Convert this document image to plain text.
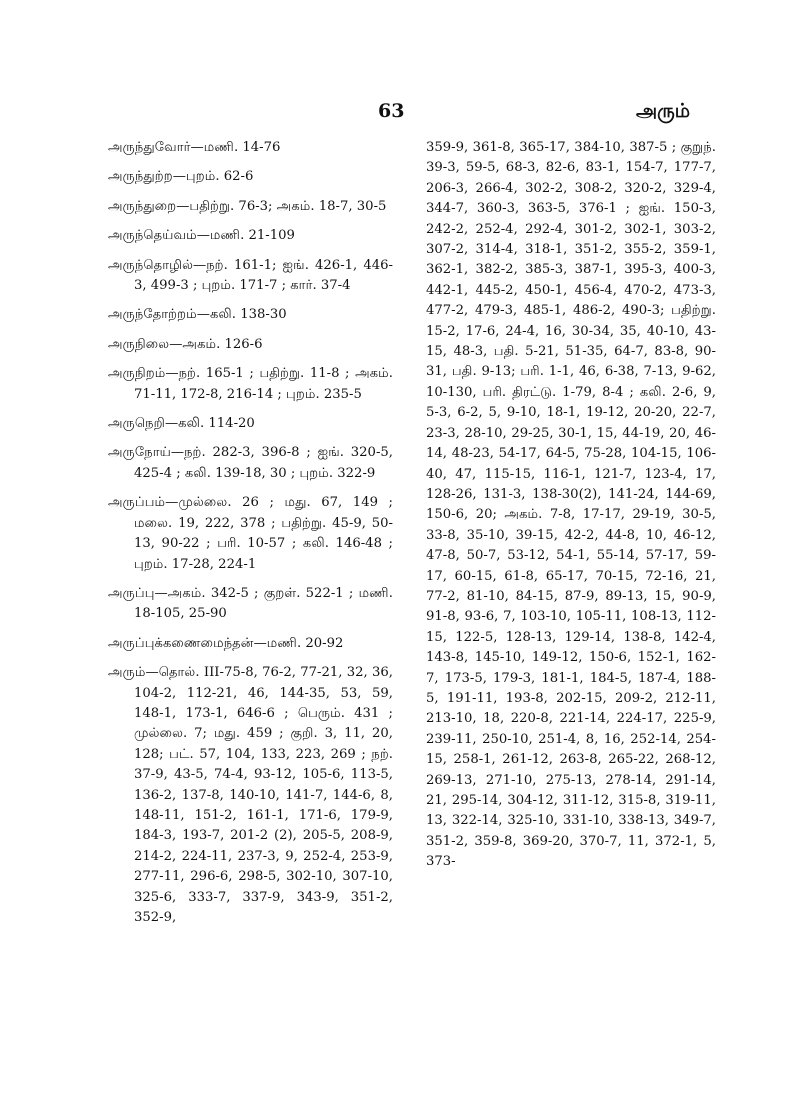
63	அரும்

அருந்துவோர்—மணி. 14-76

அருந்துற்ற—புறம். 62-6

அருந்துறை—பதிற்று. 76-3; அகம். 18-7, 30-5

அருந்தெய்வம்—மணி. 21-109

அருந்தொழில்—நற். 161-1; ஐங். 426-1, 446-3, 499-3 ; புறம். 171-7 ; கார். 37-4

அருந்தோற்றம்—கலி. 138-30

அருநிலை—அகம். 126-6

அருநிறம்—நற். 165-1 ; பதிற்று. 11-8 ; அகம். 71-11, 172-8, 216-14 ; புறம். 235-5

அருநெறி—கலி. 114-20

அருநோய்—நற். 282-3, 396-8 ; ஐங். 320-5, 425-4 ; கலி. 139-18, 30 ; புறம். 322-9

அருப்பம்—முல்லை. 26 ; மது. 67, 149 ; மலை. 19, 222, 378 ; பதிற்று. 45-9, 50-13, 90-22 ; பரி. 10-57 ; கலி. 146-48 ; புறம். 17-28, 224-1

அருப்பு—அகம். 342-5 ; குறள். 522-1 ; மணி. 18-105, 25-90

அருப்புக்கணைமைந்தன்—மணி. 20-92

அரும்—தொல். III-75-8, 76-2, 77-21, 32, 36, 104-2, 112-21, 46, 144-35, 53, 59, 148-1, 173-1, 646-6 ; பெரும். 431 ; முல்லை. 7; மது. 459 ; குறி. 3, 11, 20, 128; பட். 57, 104, 133, 223, 269 ; நற். 37-9, 43-5, 74-4, 93-12, 105-6, 113-5, 136-2, 137-8, 140-10, 141-7, 144-6, 8, 148-11, 151-2, 161-1, 171-6, 179-9, 184-3, 193-7, 201-2 (2), 205-5, 208-9, 214-2, 224-11, 237-3, 9, 252-4, 253-9, 277-11, 296-6, 298-5, 302-10, 307-10, 325-6, 333-7, 337-9, 343-9, 351-2, 352-9,

359-9, 361-8, 365-17, 384-10, 387-5 ; குறுந். 39-3, 59-5, 68-3, 82-6, 83-1, 154-7, 177-7, 206-3, 266-4, 302-2, 308-2, 320-2, 329-4, 344-7, 360-3, 363-5, 376-1 ; ஐங். 150-3, 242-2, 252-4, 292-4, 301-2, 302-1, 303-2, 307-2, 314-4, 318-1, 351-2, 355-2, 359-1, 362-1, 382-2, 385-3, 387-1, 395-3, 400-3, 442-1, 445-2, 450-1, 456-4, 470-2, 473-3, 477-2, 479-3, 485-1, 486-2, 490-3; பதிற்று. 15-2, 17-6, 24-4, 16, 30-34, 35, 40-10, 43-15, 48-3, பதி. 5-21, 51-35, 64-7, 83-8, 90-31, பதி. 9-13; பரி. 1-1, 46, 6-38, 7-13, 9-62, 10-130, பரி. திரட்டு. 1-79, 8-4 ; கலி. 2-6, 9, 5-3, 6-2, 5, 9-10, 18-1, 19-12, 20-20, 22-7, 23-3, 28-10, 29-25, 30-1, 15, 44-19, 20, 46-14, 48-23, 54-17, 64-5, 75-28, 104-15, 106-40, 47, 115-15, 116-1, 121-7, 123-4, 17, 128-26, 131-3, 138-30(2), 141-24, 144-69, 150-6, 20; அகம். 7-8, 17-17, 29-19, 30-5, 33-8, 35-10, 39-15, 42-2, 44-8, 10, 46-12, 47-8, 50-7, 53-12, 54-1, 55-14, 57-17, 59-17, 60-15, 61-8, 65-17, 70-15, 72-16, 21, 77-2, 81-10, 84-15, 87-9, 89-13, 15, 90-9, 91-8, 93-6, 7, 103-10, 105-11, 108-13, 112-15, 122-5, 128-13, 129-14, 138-8, 142-4, 143-8, 145-10, 149-12, 150-6, 152-1, 162-7, 173-5, 179-3, 181-1, 184-5, 187-4, 188-5, 191-11, 193-8, 202-15, 209-2, 212-11, 213-10, 18, 220-8, 221-14, 224-17, 225-9, 239-11, 250-10, 251-4, 8, 16, 252-14, 254-15, 258-1, 261-12, 263-8, 265-22, 268-12, 269-13, 271-10, 275-13, 278-14, 291-14, 21, 295-14, 304-12, 311-12, 315-8, 319-11, 13, 322-14, 325-10, 331-10, 338-13, 349-7, 351-2, 359-8, 369-20, 370-7, 11, 372-1, 5, 373-
